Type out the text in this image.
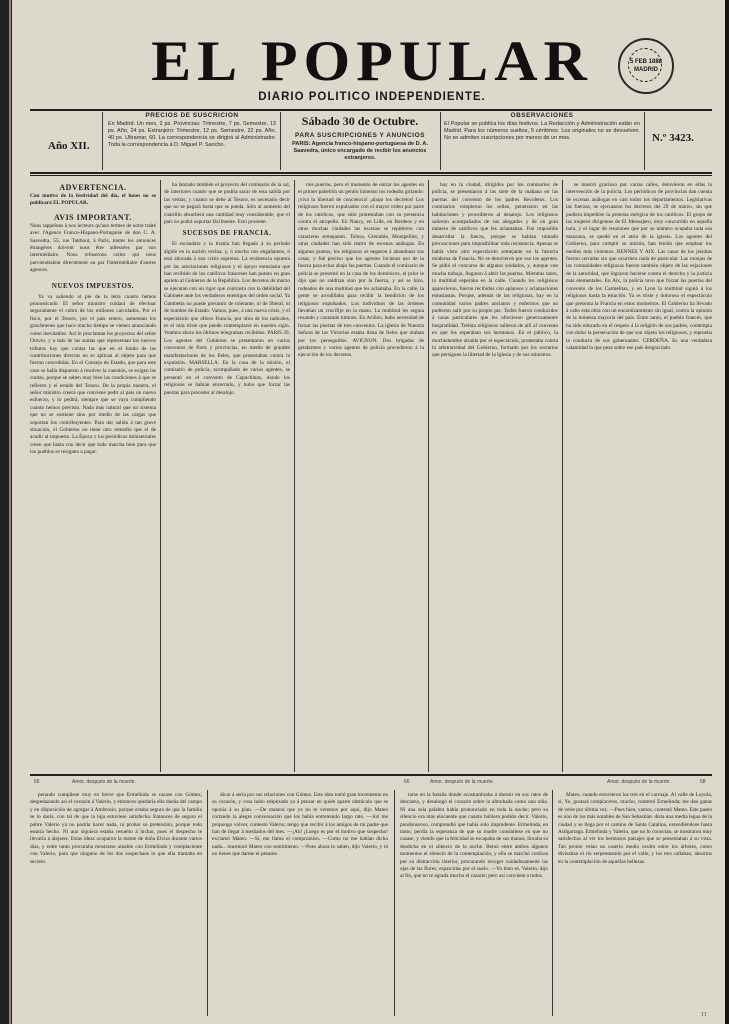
EL POPULAR
DIARIO POLITICO INDEPENDIENTE.
5 FEB 1888 MADRID
Año XII.
PRECIOS DE SUSCRICION
En Madrid: Un mes, 2 ps. Provincias: Trimestre, 7 ps. Semestre, 13 ps. Año, 24 ps. Extranjero: Trimestre, 12 ps. Semestre, 22 ps. Año, 40 ps. Ultramar, 60. La correspondencia se dirigirá al Administrador. Toda la correspondencia á D. Miguel P. Sancho.
Sábado 30 de Octubre.
PARA SUSCRIPCIONES Y ANUNCIOS
PARIS: Agencia franco-hispano-portuguesa de D. A. Saavedra, único encargado de recibir los anuncios extranjeros.
OBSERVACIONES
El Popular se publica los días festivos. La Redacción y Administración están en Madrid. Para los números sueltos, 5 céntimos. Los originales no se devuelven. No se admiten suscripciones por menos de un mes.	N.º 3423.
ADVERTENCIA.
Con motivo de la festividad del día, el lunes no se publicará EL POPULAR.
AVIS IMPORTANT.
Nous rappelons à nos lecteurs qu'aux termes de notre traité avec l'Agence Franco-Hispano-Portugaise de don C. A. Saavedra, 55, rue Taitbout, à Paris, toutes les annonces étrangères doivent nous être adressées par son intermédiaire. Nous refuserons celles qui nous parviendraient directement ou par l'intermédiaire d'autres agences.
NUEVOS IMPUESTOS.

Ya va saliendo al pie de la letra cuanto hemos pronosticado. El señor ministro cuidará de efectuar seguramente el cobro de los millones calculados. Por el fisco, por el Tesoro, por el país entero, aumentan los gravámenes que hace mucho tiempo se vienen anunciando como inevitables. Así lo proclaman los proyectos del señor Orovio, y a más de las sumas que representan los nuevos tributos hay que contar las que en el fondo de las contribuciones directas no se aplican al objeto para que fueron concedidas. En el Consejo de Estado, que para este caso se halla dispuesto á resolver la cuestión, se exigen las cuotas, porque se saben muy bien las condiciones á que se refieren y el estado del Tesoro. De la propia manera, el señor ministro creerá que conviene pedir al país un nuevo esfuerzo, y lo pedirá, siempre que se vaya cumpliendo cuanto hemos previsto. Nada más natural que un sistema que no se sostiene sino por medio de las cargas que soportan los contribuyentes. Para dar salida á tan grave situación, el Gobierno no tiene otro remedio que el de acudir al impuesto. La Época y los periódicos ministeriales creen que basta con decir que todo marcha bien para que los pueblos se resignen a pagar.

ha lanzado también el proyecto del comisario de la sal, de interiores cuanto que se podría sacar de esta salida por las ventas, y cuanto se debe al Tesoro, es necesario decir que no se pagará hasta que se pueda. Sólo al aumento del cuartillo absorberá una cantidad muy considerable, que el país no podrá soportar fácilmente. Esto promete.

SUCESOS DE FRANCIA.

El escándalo y la tiranía han llegado á su período álgido en la nación vecina, y, ó mucho nos engañamos, ó está abocada á una crisis suprema. La resistencia opuesta por las asociaciones religiosas y el apoyo entusiasta que han recibido de los católicos franceses han puesto en gran aprieto al Gobierno de la República. Los decretos de marzo se ejecutan con un rigor que contrasta con la debilidad del Gabinete ante los verdaderos enemigos del orden social. Ya Gambetta no puede presumir de tolerante, ni de liberal, ni de hombre de Estado. Vamos, pues, á una nueva crisis, y el espectáculo que ofrece Francia, por obra de los radicales, es el más triste que puede contemplarse en nuestro siglo. Veamos ahora los últimos telegramas recibidos: PARIS 29. Los agentes del Gobierno se presentaron en varios conventos de París y provincias, en medio de grandes manifestaciones de los fieles, que protestaban contra la expulsión. MARSELLA. En la casa de la misión, el comisario de policía, acompañado de varios agentes, se presentó en el convento de Capuchinos, donde los religiosos se habían encerrado, y hubo que forzar las puertas para proceder al desalojo.

tres puertas, pero el momento de entrar los agentes en el primer pabellón un gentío inmenso los rodeaba gritando: ¡viva la libertad de conciencia! ¡abajo los decretos! Los religiosos fueron expulsados con el mayor orden por parte de los católicos, que sólo protestaban con su presencia contra el atropello. En Nancy, en Lille, en Burdeos y en otras muchas ciudades las escenas se repitieron con caracteres semejantes. Tolosa, Grenoble, Montpellier, y otras ciudades han sido teatro de escenas análogas. En algunos puntos, los religiosos se negaron á abandonar sus casas, y fué preciso que los agentes hicieran uso de la fuerza para echar abajo las puertas. Cuando el comisario de policía se presentó en la casa de los dominicos, el prior le dijo que no saldrían sino por la fuerza, y así se hizo, rodeados de una multitud que les aclamaba. En la calle, la gente se arrodillaba para recibir la bendición de los religiosos expulsados. Los individuos de las órdenes llevaban un crucifijo en la mano. La multitud les seguía rezando y cantando himnos. En Aviñón, hubo necesidad de forzar las puertas de tres conventos. La iglesia de Nuestra Señora de las Victorias estaba llena de fieles que oraban por los perseguidos. AVIGNON. Dos brigadas de gendarmes y varios agentes de policía procedieron á la ejecución de los decretos.

hay en la ciudad, dirigidos por los comisarios de policía, se presentaron á las siete de la mañana en las puertas del convento de los padres Recoletos. Los comisarios rompieron los sellos, penetraron en las habitaciones y procedieron al desalojo. Los religiosos salieron acompañados de sus abogados y de un gran número de católicos que les aclamaban. Fué imposible desarrollar la fuerza, porque se habían tomado precauciones para imposibilitar toda resistencia. Apenas se había visto otro espectáculo semejante en la historia moderna de Francia. No se detuvieron por eso los agentes. Se pidió el concurso de algunos soldados, y, aunque con mucha trabajo, llegaron á abrir las puertas. Mientras tanto, la multitud esperaba en la calle. Cuando los religiosos aparecieron, fueron recibidos con aplausos y aclamaciones entusiastas. Porque, además de las religiosas, hay en la comunidad varios padres ancianos y enfermos que no pudieron salir por su propio pie. Todos fueron conducidos á casas particulares que les ofrecieron generosamente hospitalidad. Treinta religiosos salieron de allí al convento en que los esperaban sus hermanos. En el público, la muchedumbre atraída por el espectáculo, protestaba contra la arbitrariedad del Gobierno, formado por los sectarios que persiguen la libertad de la Iglesia y de sus ministros.

se mostró gracioso por varias calles, detuvieron en ellas la intervención de la policía. Los periódicos de provincias dan cuenta de escenas análogas en casi todos los departamentos. Legislativas las fuerzas, se ejecutaron los decretos del 29 de marzo, sin que pudiera impedirse la protesta enérgica de los católicos. El grupo de las mujeres dirigentes de El Mensajero, muy concurrido en aquella hora, y el lugar de reuniones que por su número ocupaba toda esa manzana, se quedó en el atrio de la iglesia. Los agentes del Gobierno, para cumplir su misión, han tenido que emplear los medios más violentos. RENNES Y AIX. Las casas de los jesuitas fueron cerradas sin que ocurriera nada de particular. Las monjas de las comunidades religiosas fueron también objeto de las vejaciones de la autoridad, que lograron hacerse contra el derecho y la justicia más elementales. En Aix, la policía tuvo que forzar las puertas del convento de los Carmelitas, y en Lyon la multitud siguió á los religiosos hasta la estación. Ya es triste y doloroso el espectáculo que presenta la Francia en estos momentos. El Gobierno ha llevado á cabo esta obra con un encarnizamiento sin igual, contra la opinión de la inmensa mayoría del país. Entre tanto, el pueblo francés, que ha sido educado en el respeto á la religión de sus padres, contempla con dolor la persecución de que son objeto los religiosos, y reprueba la conducta de sus gobernantes. CERDEÑA. Es una verdadera calamidad la que pesa sobre ese país desgraciado.

65	Amor, después de la muerte.	66	Amor, después de la muerte.	Amor, después de la muerte.	68

perando cumpliese muy en breve que Ermelinda se casase con Gómez, despedazando así el corazón á Valerio, y entonces quedaría ella dueña del campo y en disposición de agregar á Ambrosio, porque estaba segura de que la familia se lo daría, con tal de que la hija estuviese satisfecha. Entonces de seguro el pobre Valerio ya no podría hacer nada, ni probar su pretensión, porque todo estaría hecho. Ni aun siquiera estaba resuelto á luchar, pues el despecho le llevaría á alejarse. Estas ideas ocuparon la mente de doña Elvira durante varios días, y entre tanto procuraba mostrarse amable con Ermelinda y complaciente con Valerio, para que ninguno de los dos sospechase lo que ella tramaba en secreto.

dícar á seria por sus relaciones con Gómez. Este idea tomó gran incremento en su corazón, y cosa hubo empezado ya á pensar en quién aparte obstáculo que se oponía á su plan. —De manera que ya no te veremos por aquí, dijo Mateo cortando la alegre conversación que los había entretenido largo rato. —Así me propongo volver, contestó Valerio; tengo que recibir á los amigos de mi padre que han de llegar á mediados del mes. —¡Ah! ¡Luego es por el motivo que sospecho! exclamó Mateo. —Sí, me llama el compromiso. —Como no me habían dicho nada... murmuró Mateo con sentimiento. —Pues ahora lo saben, dijo Valerio, y tú no tienes que darme el pésame.

tarse en la batalla donde acostumbraba á dormir en sus ratos de descanso, y desahogó el corazón sobre la almohada como una niña. Ni una sola palabra había pronunciado en toda la noche; pero su silencio era más elocuente que cuanto hubiera podido decir. Valerio, pundonoroso, comprendió que había sido imprudente. Ermelinda, en tanto, perdía la esperanza de que su madre consintiese en que no casase, y viendo que la felicidad se escapaba de sus manos, lloraba su desdicha en el silencio de la noche. Reinó entre ambos algunos momentos el silencio de la contemplación, y ella se marchó confusa por su distracción interior, procurando recoger cuidadosamente las ojas de las flores, esparcidas por el suelo. —Yo bien sé, Valerio, dijo al fin, que no te agrada mucho el casarte; pero así conviene a todos.

Mateo, cuando estuvieron los tres en el carruaje. Al valle de Loyola, si, Yo, gustará complaceros, mucho, contestó Ermelinda; me dan ganas de verle por última vez. —Pues bien, vamos, contestó Mateo. Este paseo es uno de los más notables de San Sebastián: dista una media legua de la ciudad y se llega por el camino de Santa Catalina, extendiéndose hasta Astigarraga. Ermelinda y Valerio, que no lo conocían, se mostraron muy satisfechos al ver los hermosos paisajes que se presentaban á su vista. Tan pronto veían un caserío medio oculto entre los árboles, como divisaban el río serpenteando por el valle; y los tres callaban, absortos en la contemplación de aquellas bellezas.

11
